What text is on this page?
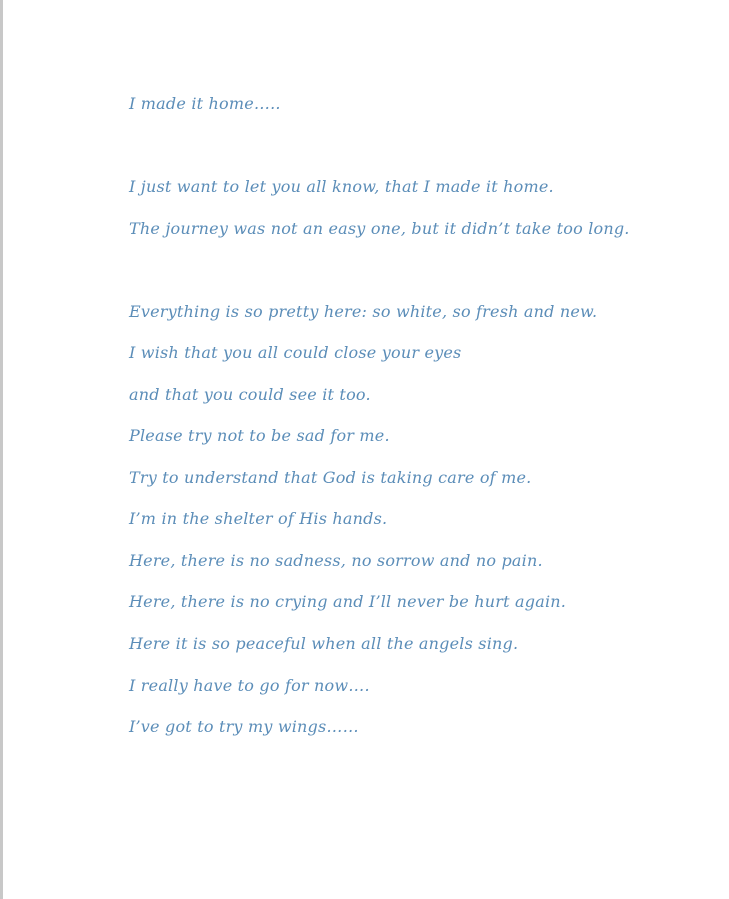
I made it home…..
I just want to let you all know, that I made it home.
The journey was not an easy one, but it didn’t take too long.
Everything is so pretty here: so white, so fresh and new.
I wish that you all could close your eyes
and that you could see it too.
Please try not to be sad for me.
Try to understand that God is taking care of me.
I’m in the shelter of His hands.
Here, there is no sadness, no sorrow and no pain.
Here, there is no crying and I’ll never be hurt again.
Here it is so peaceful when all the angels sing.
I really have to go for now….
I’ve got to try my wings……
